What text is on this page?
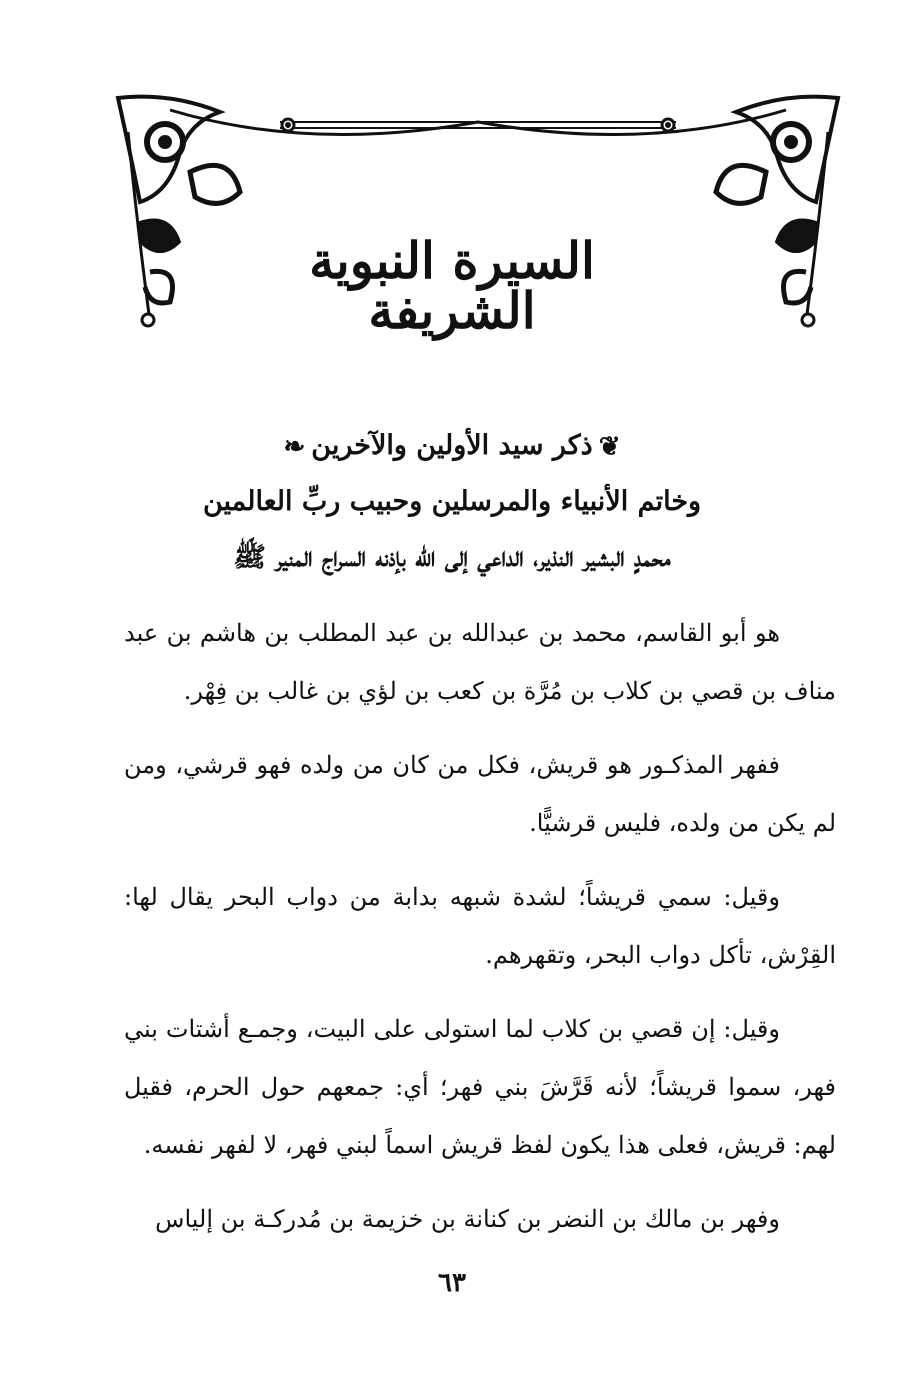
السيرة النبوية الشريفة
❦ذكر سيد الأولين والآخرين❧
وخاتم الأنبياء والمرسلين وحبيب ربِّ العالمين
محمدٍ البشير النذير، الداعي إلى الله بإذنه السراج المنير ﷺ

هو أبو القاسم، محمد بن عبدالله بن عبد المطلب بن هاشم بن عبد مناف بن قصي بن كلاب بن مُرَّة بن كعب بن لؤي بن غالب بن فِهْر.

ففهر المذكـور هو قريش، فكل من كان من ولده فهو قرشي، ومن لم يكن من ولده، فليس قرشيًّا.

وقيل: سمي قريشاً؛ لشدة شبهه بدابة من دواب البحر يقال لها: القِرْش، تأكل دواب البحر، وتقهرهم.

وقيل: إن قصي بن كلاب لما استولى على البيت، وجمـع أشتات بني فهر، سموا قريشاً؛ لأنه قَرَّشَ بني فهر؛ أي: جمعهم حول الحرم، فقيل لهم: قريش، فعلى هذا يكون لفظ قريش اسماً لبني فهر، لا لفهر نفسه.

وفهر بن مالك بن النضر بن كنانة بن خزيمة بن مُدركـة بن إلياس

٦٣
